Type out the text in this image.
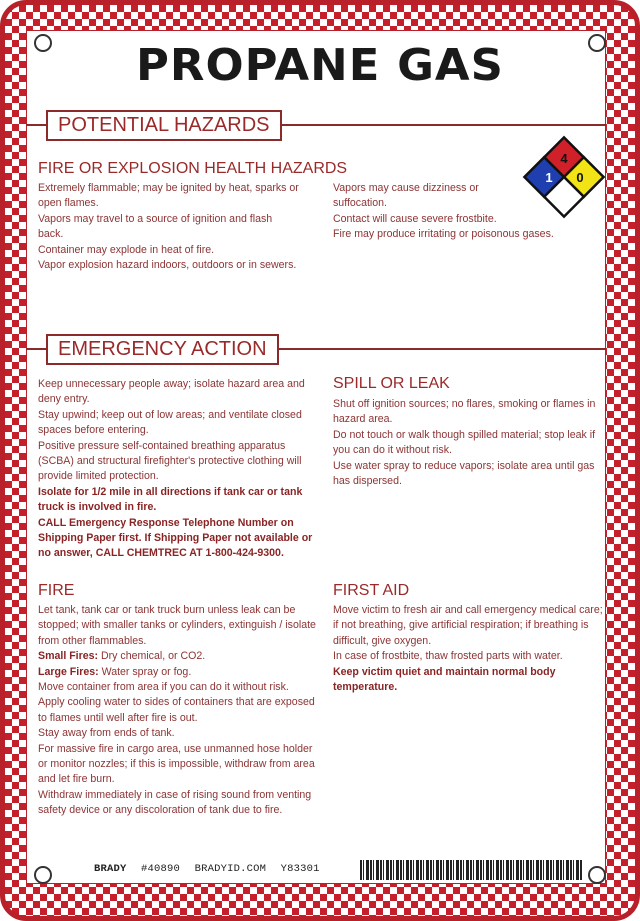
PROPANE GAS
POTENTIAL HAZARDS
FIRE OR EXPLOSION HEALTH HAZARDS

Extremely flammable; may be ignited by heat, sparks or open flames.

Vapors may travel to a source of ignition and flash back.

Container may explode in heat of fire.

Vapor explosion hazard indoors, outdoors or in sewers.

Vapors may cause dizziness or suffocation.

Contact will cause severe frostbite.

Fire may produce irritating or poisonous gases.

4
1 0
EMERGENCY ACTION

Keep unnecessary people away; isolate hazard area and deny entry.

Stay upwind; keep out of low areas; and ventilate closed spaces before entering.

Positive pressure self-contained breathing apparatus (SCBA) and structural firefighter's protective clothing will provide limited protection.

Isolate for 1/2 mile in all directions if tank car or tank truck is involved in fire.

CALL Emergency Response Telephone Number on Shipping Paper first. If Shipping Paper not available or no answer, CALL CHEMTREC AT 1-800-424-9300.

SPILL OR LEAK

Shut off ignition sources; no flares, smoking or flames in hazard area.

Do not touch or walk though spilled material; stop leak if you can do it without risk.

Use water spray to reduce vapors; isolate area until gas has dispersed.

FIRE

Let tank, tank car or tank truck burn unless leak can be stopped; with smaller tanks or cylinders, extinguish / isolate from other flammables.

Small Fires: Dry chemical, or CO2.

Large Fires: Water spray or fog.

Move container from area if you can do it without risk.

Apply cooling water to sides of containers that are exposed to flames until well after fire is out.

Stay away from ends of tank.

For massive fire in cargo area, use unmanned hose holder or monitor nozzles; if this is impossible, withdraw from area and let fire burn.

Withdraw immediately in case of rising sound from venting safety device or any discoloration of tank due to fire.

FIRST AID

Move victim to fresh air and call emergency medical care; if not breathing, give artificial respiration; if breathing is difficult, give oxygen.

In case of frostbite, thaw frosted parts with water.

Keep victim quiet and maintain normal body temperature.

BRADY #40890 BRADYID.COM Y83301
